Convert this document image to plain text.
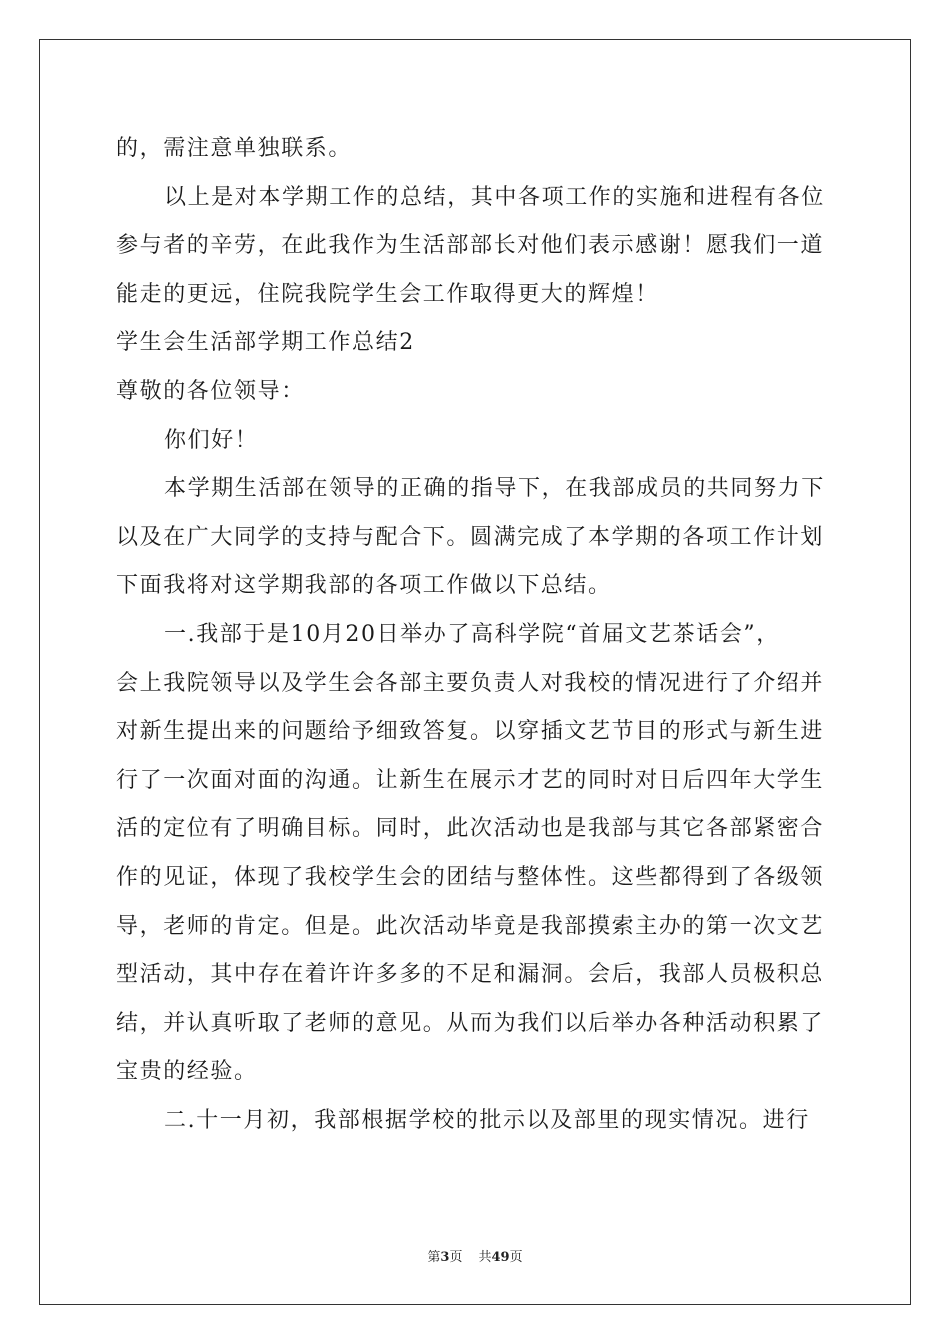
的，需注意单独联系。
以上是对本学期工作的总结，其中各项工作的实施和进程有各位
参与者的辛劳，在此我作为生活部部长对他们表示感谢！愿我们一道
能走的更远，住院我院学生会工作取得更大的辉煌！
学生会生活部学期工作总结2
尊敬的各位领导：
你们好！
本学期生活部在领导的正确的指导下，在我部成员的共同努力下
以及在广大同学的支持与配合下。圆满完成了本学期的各项工作计划
下面我将对这学期我部的各项工作做以下总结。
一.我部于是10月20日举办了高科学院“首届文艺茶话会”，
会上我院领导以及学生会各部主要负责人对我校的情况进行了介绍并
对新生提出来的问题给予细致答复。以穿插文艺节目的形式与新生进
行了一次面对面的沟通。让新生在展示才艺的同时对日后四年大学生
活的定位有了明确目标。同时，此次活动也是我部与其它各部紧密合
作的见证，体现了我校学生会的团结与整体性。这些都得到了各级领
导，老师的肯定。但是。此次活动毕竟是我部摸索主办的第一次文艺
型活动，其中存在着许许多多的不足和漏洞。会后，我部人员极积总
结，并认真听取了老师的意见。从而为我们以后举办各种活动积累了
宝贵的经验。
二.十一月初，我部根据学校的批示以及部里的现实情况。进行
第3页 共49页
